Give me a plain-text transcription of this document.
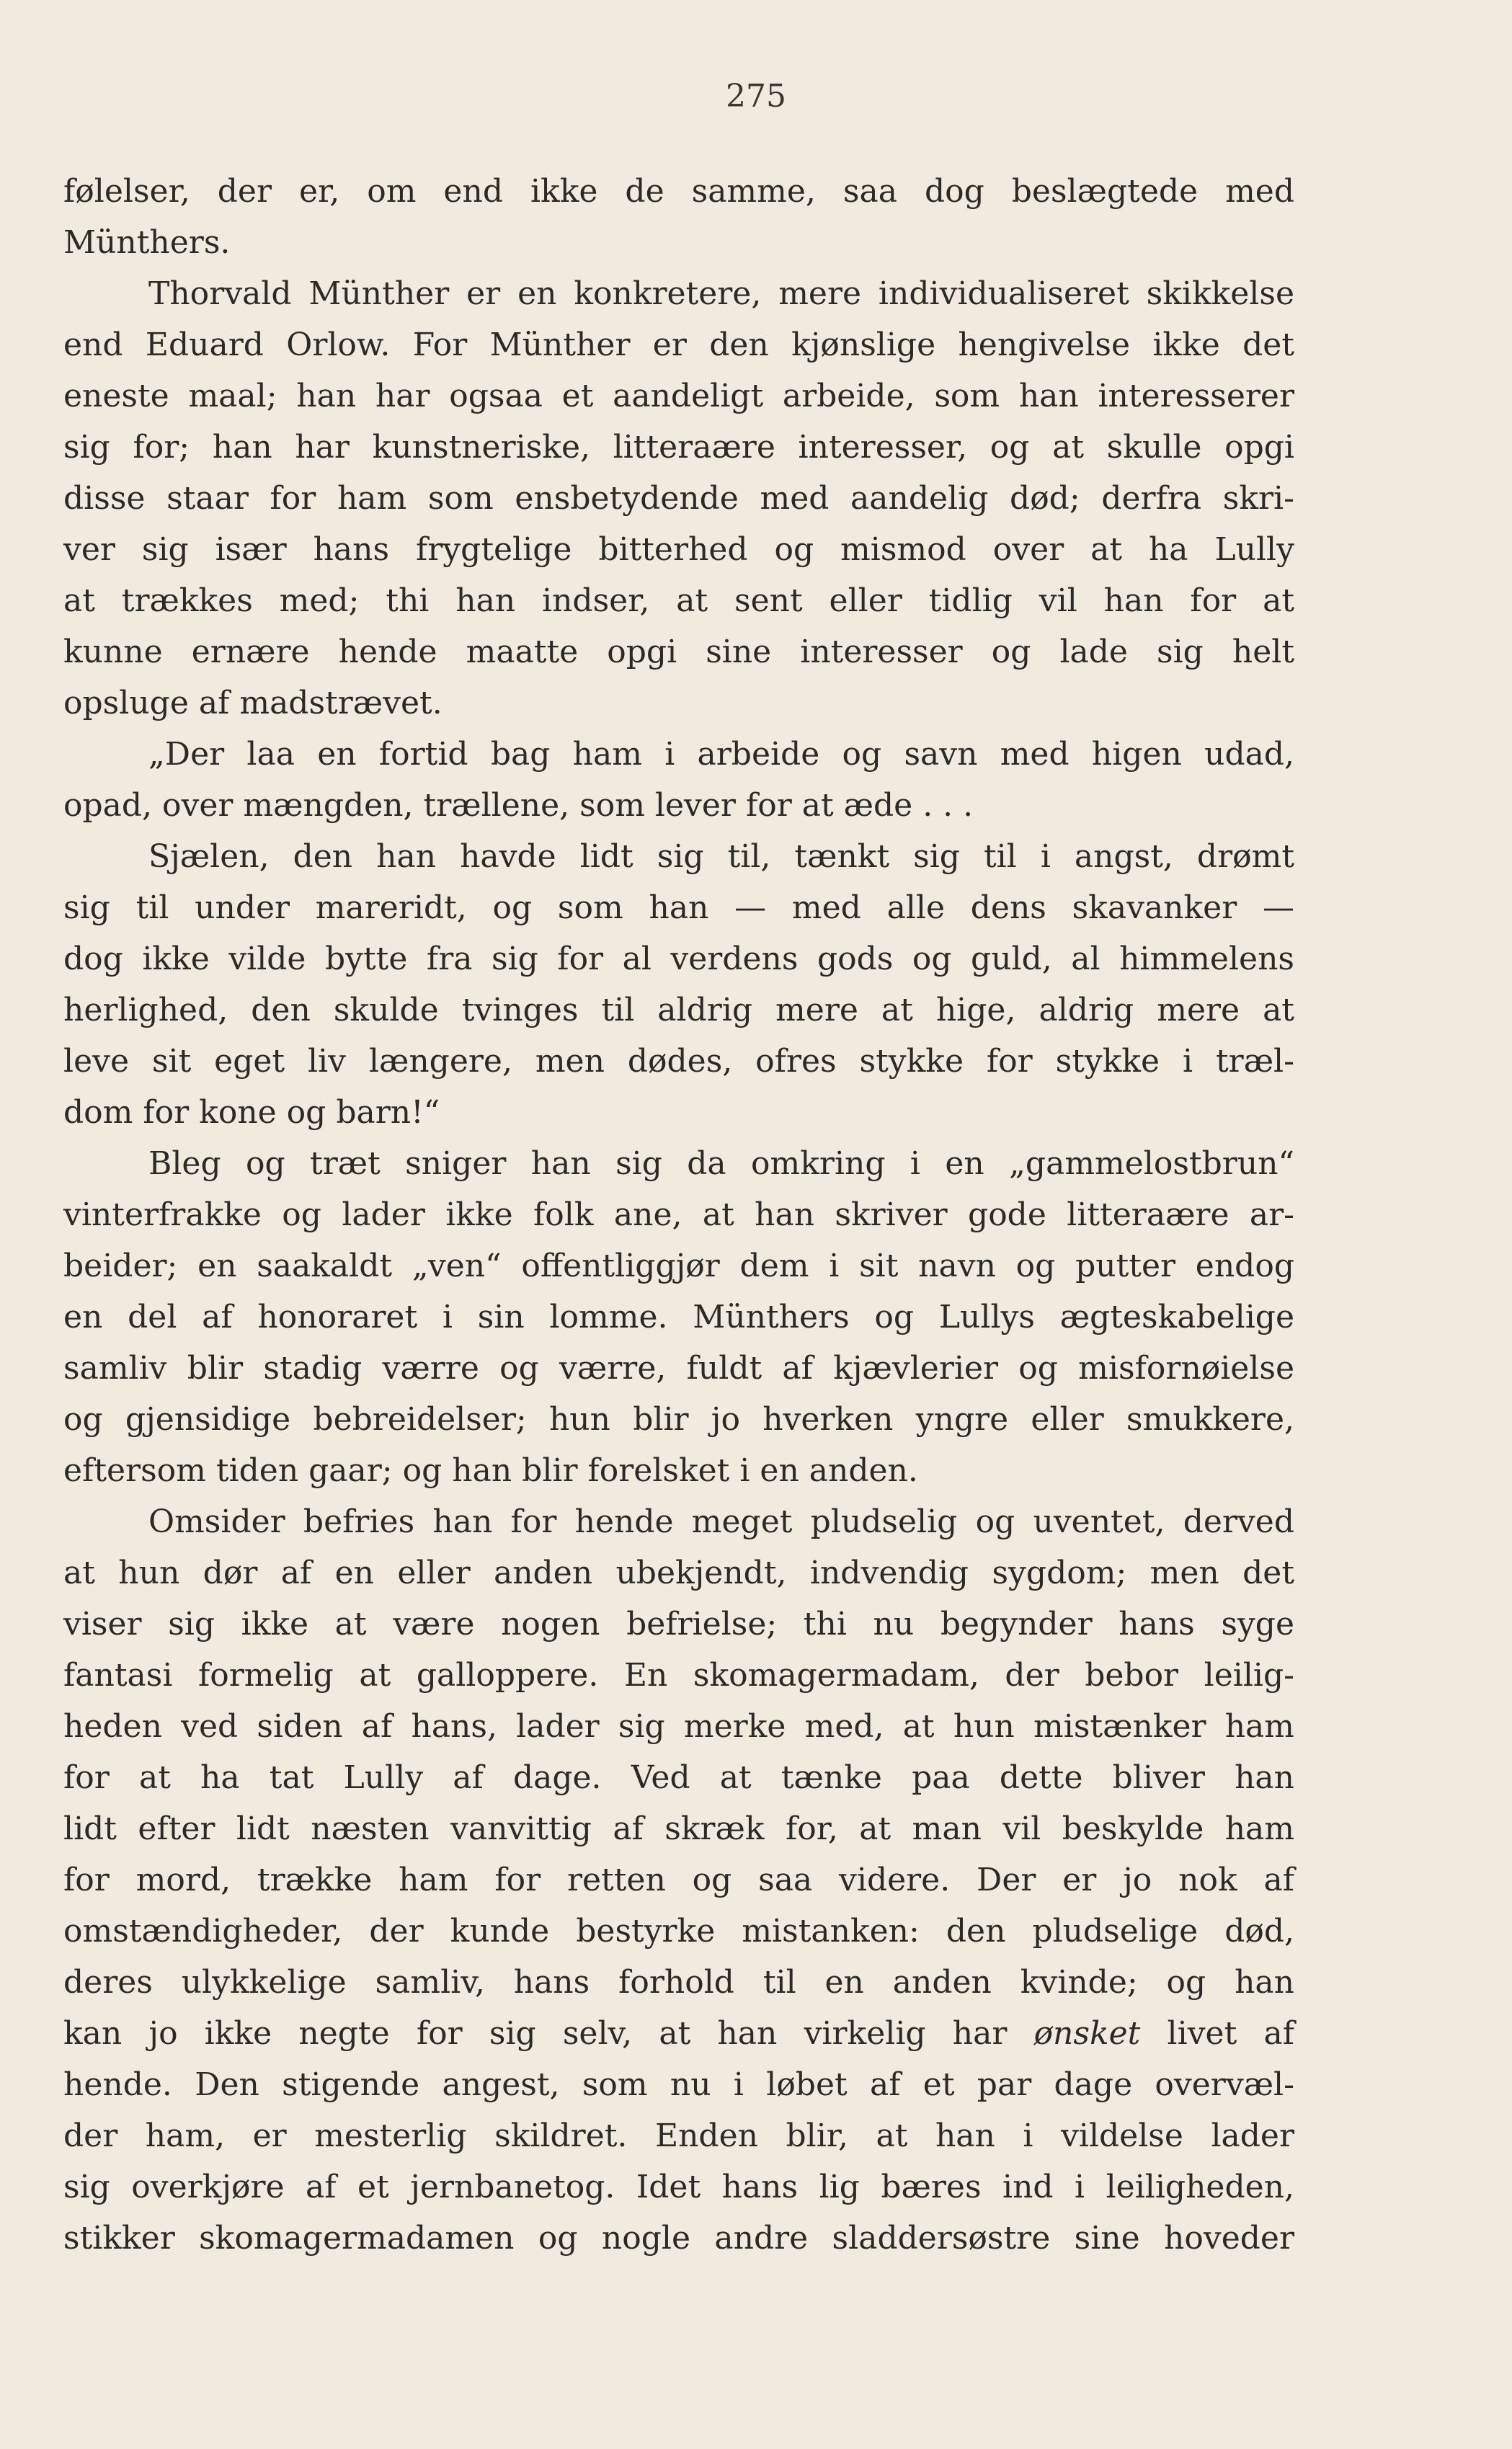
275
følelser, der er, om end ikke de samme, saa dog beslægtede med
Münthers.
Thorvald Münther er en konkretere, mere individualiseret skikkelse
end Eduard Orlow. For Münther er den kjønslige hengivelse ikke det
eneste maal; han har ogsaa et aandeligt arbeide, som han interesserer
sig for; han har kunstneriske, litteraære interesser, og at skulle opgi
disse staar for ham som ensbetydende med aandelig død; derfra skri-
ver sig især hans frygtelige bitterhed og mismod over at ha Lully
at trækkes med; thi han indser, at sent eller tidlig vil han for at
kunne ernære hende maatte opgi sine interesser og lade sig helt
opsluge af madstrævet.
„Der laa en fortid bag ham i arbeide og savn med higen udad,
opad, over mængden, trællene, som lever for at æde . . .
Sjælen, den han havde lidt sig til, tænkt sig til i angst, drømt
sig til under mareridt, og som han — med alle dens skavanker —
dog ikke vilde bytte fra sig for al verdens gods og guld, al himmelens
herlighed, den skulde tvinges til aldrig mere at hige, aldrig mere at
leve sit eget liv længere, men dødes, ofres stykke for stykke i træl-
dom for kone og barn!“
Bleg og træt sniger han sig da omkring i en „gammelostbrun“
vinterfrakke og lader ikke folk ane, at han skriver gode litteraære ar-
beider; en saakaldt „ven“ offentliggjør dem i sit navn og putter endog
en del af honoraret i sin lomme. Münthers og Lullys ægteskabelige
samliv blir stadig værre og værre, fuldt af kjævlerier og misfornøielse
og gjensidige bebreidelser; hun blir jo hverken yngre eller smukkere,
eftersom tiden gaar; og han blir forelsket i en anden.
Omsider befries han for hende meget pludselig og uventet, derved
at hun dør af en eller anden ubekjendt, indvendig sygdom; men det
viser sig ikke at være nogen befrielse; thi nu begynder hans syge
fantasi formelig at galloppere. En skomagermadam, der bebor leilig-
heden ved siden af hans, lader sig merke med, at hun mistænker ham
for at ha tat Lully af dage. Ved at tænke paa dette bliver han
lidt efter lidt næsten vanvittig af skræk for, at man vil beskylde ham
for mord, trække ham for retten og saa videre. Der er jo nok af
omstændigheder, der kunde bestyrke mistanken: den pludselige død,
deres ulykkelige samliv, hans forhold til en anden kvinde; og han
kan jo ikke negte for sig selv, at han virkelig har ønsket livet af
hende. Den stigende angest, som nu i løbet af et par dage overvæl-
der ham, er mesterlig skildret. Enden blir, at han i vildelse lader
sig overkjøre af et jernbanetog. Idet hans lig bæres ind i leiligheden,
stikker skomagermadamen og nogle andre sladdersøstre sine hoveder
